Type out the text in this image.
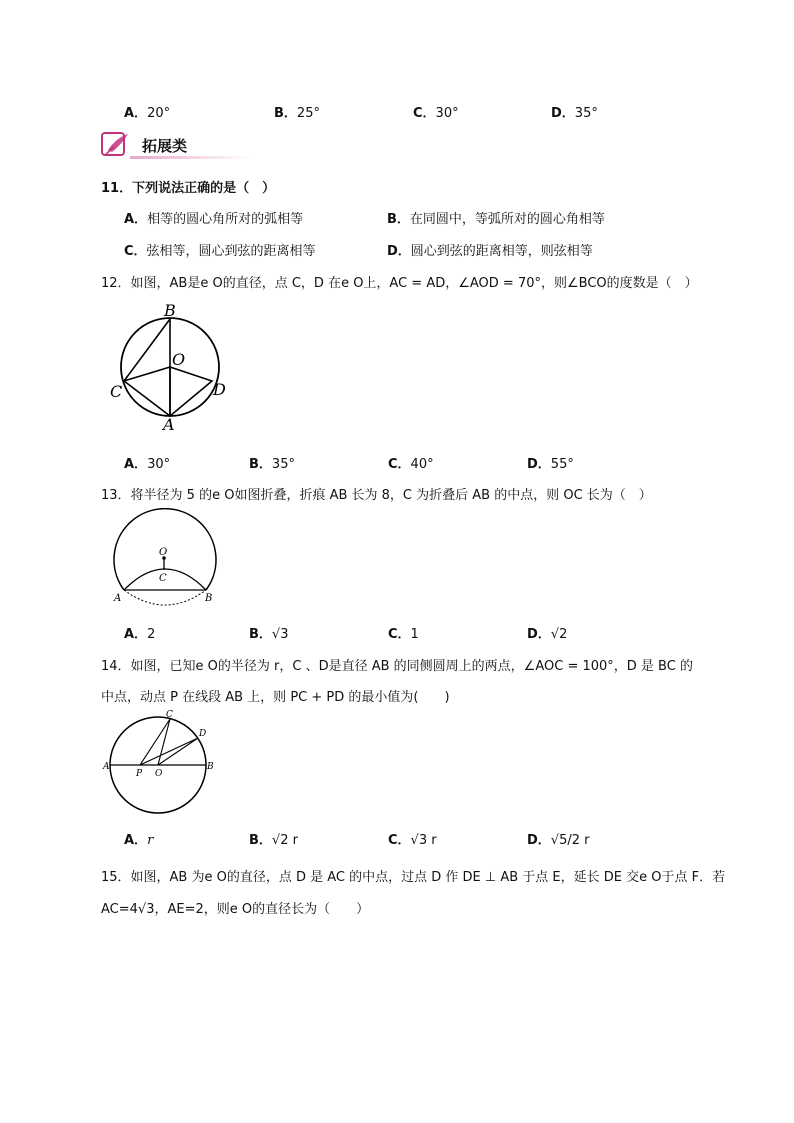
A．20°	B．25°	C．30°	D．35°
拓展类
11．下列说法正确的是（　）
A．相等的圆心角所对的弧相等	B．在同圆中，等弧所对的圆心角相等
C．弦相等，圆心到弦的距离相等	D．圆心到弦的距离相等，则弦相等
12．如图，AB是e O的直径，点 C，D 在e O上，AC = AD，∠AOD = 70°，则∠BCO的度数是（　）
B
O
C	D
A
A．30°	B．35°	C．40°	D．55°
13．将半径为 5 的e O如图折叠，折痕 AB 长为 8，C 为折叠后 AB 的中点，则 OC 长为（　）
O
C
A	B
A．2	B．√3	C．1	D．√2
14．如图，已知e O的半径为 r，C 、D是直径 AB 的同侧圆周上的两点，∠AOC = 100°，D 是 BC 的
中点，动点 P 在线段 AB 上，则 PC + PD 的最小值为(　　)
C
D
A
P O
B
A．r	B．√2 r	C．√3 r	D．√5/2 r
15．如图，AB 为e O的直径，点 D 是 AC 的中点，过点 D 作 DE ⊥ AB 于点 E，延长 DE 交e O于点 F．若
AC=4√3，AE=2，则e O的直径长为（　　）
